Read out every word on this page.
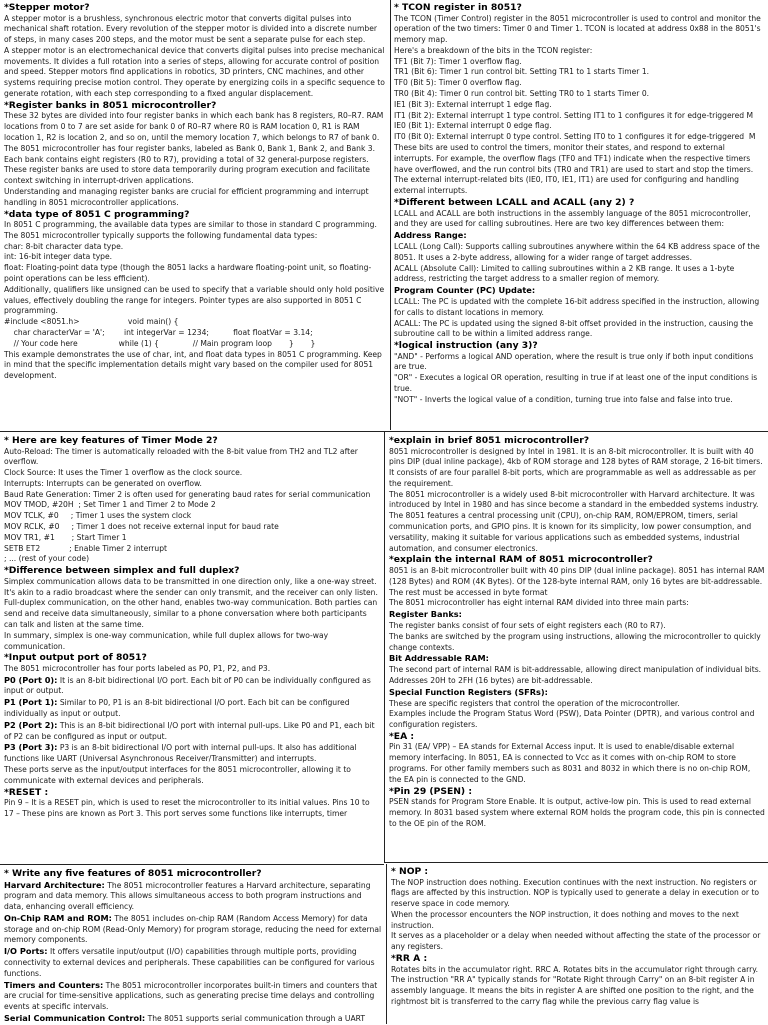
*Stepper motor?

A stepper motor is a brushless, synchronous electric motor that converts digital pulses into mechanical shaft rotation. Every revolution of the stepper motor is divided into a discrete number of steps, in many cases 200 steps, and the motor must be sent a separate pulse for each step.

A stepper motor is an electromechanical device that converts digital pulses into precise mechanical movements. It divides a full rotation into a series of steps, allowing for accurate control of position and speed. Stepper motors find applications in robotics, 3D printers, CNC machines, and other systems requiring precise motion control. They operate by energizing coils in a specific sequence to generate rotation, with each step corresponding to a fixed angular displacement.

*Register banks in 8051 microcontroller?

These 32 bytes are divided into four register banks in which each bank has 8 registers, R0–R7. RAM locations from 0 to 7 are set aside for bank 0 of R0–R7 where R0 is RAM location 0, R1 is RAM location 1, R2 is location 2, and so on, until the memory location 7, which belongs to R7 of bank 0.

The 8051 microcontroller has four register banks, labeled as Bank 0, Bank 1, Bank 2, and Bank 3. Each bank contains eight registers (R0 to R7), providing a total of 32 general-purpose registers. These register banks are used to store data temporarily during program execution and facilitate context switching in interrupt-driven applications.

Understanding and managing register banks are crucial for efficient programming and interrupt handling in 8051 microcontroller applications.

*data type of 8051 C programming?

In 8051 C programming, the available data types are similar to those in standard C programming. The 8051 microcontroller typically supports the following fundamental data types:

char: 8-bit character data type.

int: 16-bit integer data type.

float: Floating-point data type (though the 8051 lacks a hardware floating-point unit, so floating-point operations can be less efficient).

Additionally, qualifiers like unsigned can be used to specify that a variable should only hold positive values, effectively doubling the range for integers. Pointer types are also supported in 8051 C programming.

#include <8051.h>                    void main() {

char characterVar = 'A';        int integerVar = 1234;          float floatVar = 3.14;

// Your code here                 while (1) {              // Main program loop       }       }

This example demonstrates the use of char, int, and float data types in 8051 C programming. Keep in mind that the specific implementation details might vary based on the compiler used for 8051 development.

* TCON register in 8051?

The TCON (Timer Control) register in the 8051 microcontroller is used to control and monitor the operation of the two timers: Timer 0 and Timer 1. TCON is located at address 0x88 in the 8051's memory map.

Here's a breakdown of the bits in the TCON register:

TF1 (Bit 7): Timer 1 overflow flag.

TR1 (Bit 6): Timer 1 run control bit. Setting TR1 to 1 starts Timer 1.

TF0 (Bit 5): Timer 0 overflow flag.

TR0 (Bit 4): Timer 0 run control bit. Setting TR0 to 1 starts Timer 0.

IE1 (Bit 3): External interrupt 1 edge flag.

IT1 (Bit 2): External interrupt 1 type control. Setting IT1 to 1 configures it for edge-triggered M

IE0 (Bit 1): External interrupt 0 edge flag.

IT0 (Bit 0): External interrupt 0 type control. Setting IT0 to 1 configures it for edge-triggered  M

These bits are used to control the timers, monitor their states, and respond to external interrupts. For example, the overflow flags (TF0 and TF1) indicate when the respective timers have overflowed, and the run control bits (TR0 and TR1) are used to start and stop the timers.

The external interrupt-related bits (IE0, IT0, IE1, IT1) are used for configuring and handling external interrupts.

*Different between LCALL and ACALL (any 2) ?

LCALL and ACALL are both instructions in the assembly language of the 8051 microcontroller, and they are used for calling subroutines. Here are two key differences between them:

Address Range:

LCALL (Long Call): Supports calling subroutines anywhere within the 64 KB address space of the 8051. It uses a 2-byte address, allowing for a wider range of target addresses.

ACALL (Absolute Call): Limited to calling subroutines within a 2 KB range. It uses a 1-byte address, restricting the target address to a smaller region of memory.

Program Counter (PC) Update:

LCALL: The PC is updated with the complete 16-bit address specified in the instruction, allowing for calls to distant locations in memory.

ACALL: The PC is updated using the signed 8-bit offset provided in the instruction, causing the subroutine call to be within a limited address range.

*logical instruction (any 3)?

"AND" - Performs a logical AND operation, where the result is true only if both input conditions are true.

"OR" - Executes a logical OR operation, resulting in true if at least one of the input conditions is true.

"NOT" - Inverts the logical value of a condition, turning true into false and false into true.

* Here are key features of Timer Mode 2?

Auto-Reload: The timer is automatically reloaded with the 8-bit value from TH2 and TL2 after overflow.

Clock Source: It uses the Timer 1 overflow as the clock source.

Interrupts: Interrupts can be generated on overflow.

Baud Rate Generation: Timer 2 is often used for generating baud rates for serial communication

MOV TMOD, #20H  ; Set Timer 1 and Timer 2 to Mode 2

MOV TCLK, #0     ; Timer 1 uses the system clock

MOV RCLK, #0     ; Timer 1 does not receive external input for baud rate

MOV TR1, #1       ; Start Timer 1

SETB ET2            ; Enable Timer 2 interrupt

; ... (rest of your code)

*Difference between simplex and full duplex?

Simplex communication allows data to be transmitted in one direction only, like a one-way street. It's akin to a radio broadcast where the sender can only transmit, and the receiver can only listen.

Full-duplex communication, on the other hand, enables two-way communication. Both parties can send and receive data simultaneously, similar to a phone conversation where both participants can talk and listen at the same time.

In summary, simplex is one-way communication, while full duplex allows for two-way communication.

*Input output port of 8051?

The 8051 microcontroller has four ports labeled as P0, P1, P2, and P3.

P0 (Port 0): It is an 8-bit bidirectional I/O port. Each bit of P0 can be individually configured as input or output.

P1 (Port 1): Similar to P0, P1 is an 8-bit bidirectional I/O port. Each bit can be configured individually as input or output.

P2 (Port 2): This is an 8-bit bidirectional I/O port with internal pull-ups. Like P0 and P1, each bit of P2 can be configured as input or output.

P3 (Port 3): P3 is an 8-bit bidirectional I/O port with internal pull-ups. It also has additional functions like UART (Universal Asynchronous Receiver/Transmitter) and interrupts.

These ports serve as the input/output interfaces for the 8051 microcontroller, allowing it to communicate with external devices and peripherals.

*RESET :

Pin 9 – It is a RESET pin, which is used to reset the microcontroller to its initial values. Pins 10 to 17 – These pins are known as Port 3. This port serves some functions like interrupts, timer

*explain in brief 8051 microcontroller?

8051 microcontroller is designed by Intel in 1981. It is an 8-bit microcontroller. It is built with 40 pins DIP (dual inline package), 4kb of ROM storage and 128 bytes of RAM storage, 2 16-bit timers. It consists of are four parallel 8-bit ports, which are programmable as well as addressable as per the requirement.

The 8051 microcontroller is a widely used 8-bit microcontroller with Harvard architecture. It was introduced by Intel in 1980 and has since become a standard in the embedded systems industry. The 8051 features a central processing unit (CPU), on-chip RAM, ROM/EPROM, timers, serial communication ports, and GPIO pins. It is known for its simplicity, low power consumption, and versatility, making it suitable for various applications such as embedded systems, industrial automation, and consumer electronics.

*explain the internal RAM of 8051 microcontroller?

8051 is an 8-bit microcontroller built with 40 pins DIP (dual inline package). 8051 has internal RAM (128 Bytes) and ROM (4K Bytes). Of the 128-byte internal RAM, only 16 bytes are bit-addressable. The rest must be accessed in byte format

The 8051 microcontroller has eight internal RAM divided into three main parts:

Register Banks:

The register banks consist of four sets of eight registers each (R0 to R7).

The banks are switched by the program using instructions, allowing the microcontroller to quickly change contexts.

Bit Addressable RAM:

The second part of internal RAM is bit-addressable, allowing direct manipulation of individual bits.

Addresses 20H to 2FH (16 bytes) are bit-addressable.

Special Function Registers (SFRs):

These are specific registers that control the operation of the microcontroller.

Examples include the Program Status Word (PSW), Data Pointer (DPTR), and various control and configuration registers.

*EA :

Pin 31 (EA/ VPP) – EA stands for External Access input. It is used to enable/disable external memory interfacing. In 8051, EA is connected to Vcc as it comes with on-chip ROM to store programs. For other family members such as 8031 and 8032 in which there is no on-chip ROM, the EA pin is connected to the GND.

*Pin 29 (PSEN) :

PSEN stands for Program Store Enable. It is output, active-low pin. This is used to read external memory. In 8031 based system where external ROM holds the program code, this pin is connected to the OE pin of the ROM.

* Write any five features of 8051 microcontroller?

Harvard Architecture: The 8051 microcontroller features a Harvard architecture, separating program and data memory. This allows simultaneous access to both program instructions and data, enhancing overall efficiency.

On-Chip RAM and ROM: The 8051 includes on-chip RAM (Random Access Memory) for data storage and on-chip ROM (Read-Only Memory) for program storage, reducing the need for external memory components.

I/O Ports: It offers versatile input/output (I/O) capabilities through multiple ports, providing connectivity to external devices and peripherals. These capabilities can be configured for various functions.

Timers and Counters: The 8051 microcontroller incorporates built-in timers and counters that are crucial for time-sensitive applications, such as generating precise time delays and controlling events at specific intervals.

Serial Communication Control: The 8051 supports serial communication through a UART

* NOP :

The NOP instruction does nothing. Execution continues with the next instruction. No registers or flags are affected by this instruction. NOP is typically used to generate a delay in execution or to reserve space in code memory.

When the processor encounters the NOP instruction, it does nothing and moves to the next instruction.

It serves as a placeholder or a delay when needed without affecting the state of the processor or any registers.

*RR A :

Rotates bits in the accumulator right. RRC A. Rotates bits in the accumulator right through carry.

The instruction "RR A" typically stands for "Rotate Right through Carry" on an 8-bit register A in assembly language. It means the bits in register A are shifted one position to the right, and the rightmost bit is transferred to the carry flag while the previous carry flag value is
